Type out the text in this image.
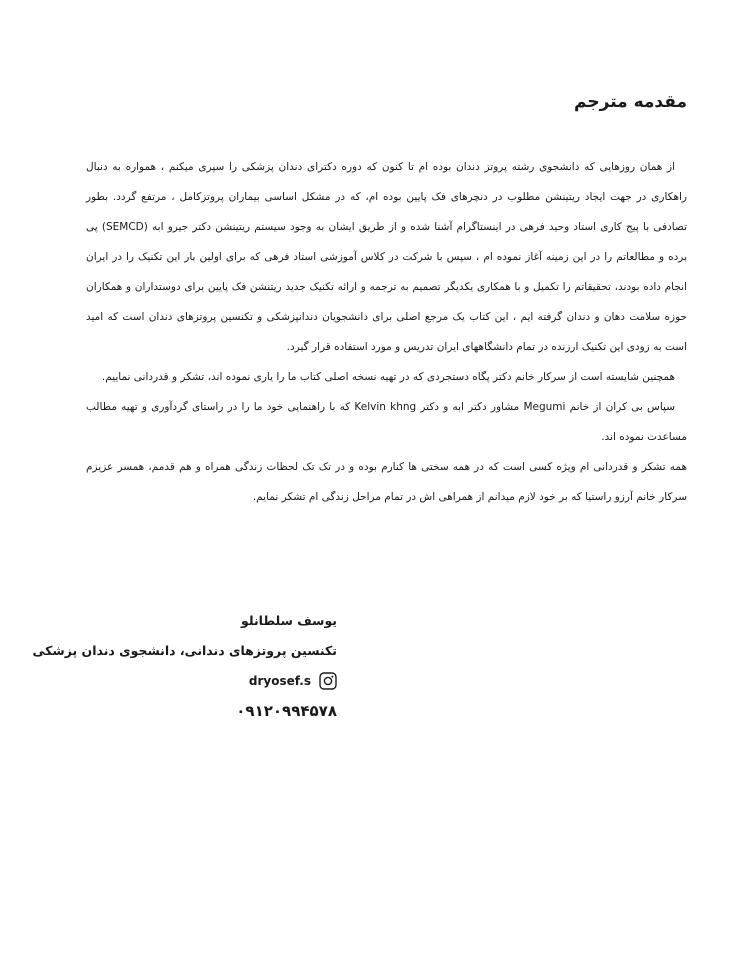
مقدمه مترجم

از همان روزهایی که دانشجوی رشته پروتز دندان بوده ام تا کنون که دوره دکترای دندان پزشکی را سپری میکنم ، همواره به دنبال راهکاری در جهت ایجاد ریتینشن مطلوب در دنچرهای فک پایین بوده ام، که در مشکل اساسی بیماران پروتزکامل ، مرتفع گردد. بطور تصادفی با پیج کاری استاد وحید فرهی در اینستاگرام آشنا شده و از طریق ایشان به وجود سیستم ریتینشن دکتر جیرو ابه (SEMCD) پی برده و مطالعاتم را در این زمینه آغاز نموده ام ، سپس با شرکت در کلاس آموزشی استاد فرهی که برای اولین بار این تکنیک را در ایران انجام داده بودند، تحقیقاتم را تکمیل و با همکاری یکدیگر تصمیم به ترجمه و ارائه تکنیک جدید ریتنشن فک پایین برای دوستداران و همکاران حوزه سلامت دهان و دندان گرفته ایم ، این کتاب یک مرجع اصلی برای دانشجویان دندانپزشکی و تکنسین پروتزهای دندان است که امید است به زودی این تکنیک ارزنده در تمام دانشگاههای ایران تدریس و مورد استفاده قرار گیرد.

همچنین شایسته است از سرکار خانم دکتر پگاه دستجردی که در تهیه نسخه اصلی کتاب ما را یاری نموده اند، تشکر و قدردانی نماییم.

سپاس بی کران از خانم Megumi مشاور دکتر ابه و دکتر Kelvin khng که با راهنمایی خود ما را در راستای گردآوری و تهیه مطالب مساعدت نموده اند.

همه تشکر و قدردانی ام ویژه کسی است که در همه سختی ها کنارم بوده و در تک تک لحظات زندگی همراه و هم قدمم، همسر عزیزم سرکار خانم آرزو راستیا که بر خود لازم میدانم از همراهی اش در تمام مراحل زندگی ام تشکر نمایم.

یوسف سلطانلو

تکنسین پروتزهای دندانی، دانشجوی دندان پزشکی

dryosef.s

۰۹۱۲۰۹۹۴۵۷۸
